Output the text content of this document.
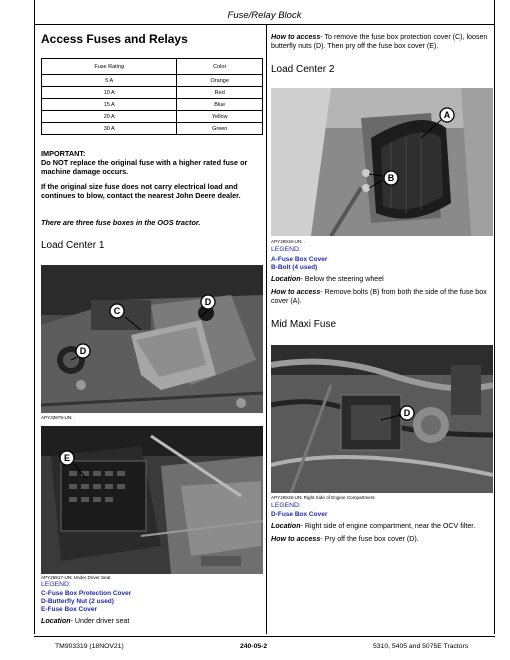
Fuse/Relay Block
Access Fuses and Relays
Fuse Rating	Color
5 A	Orange
10 A	Red
15 A	Blue
20 A	Yellow
30 A	Green

IMPORTANT:
Do NOT replace the original fuse with a higher rated fuse or machine damage occurs.

If the original size fuse does not carry electrical load and continues to blow, contact the nearest John Deere dealer.

There are three fuse boxes in the OOS tractor.
Load Center 1
C
D
D
APY33979-UN: .
E
APY26917-UN: Under Driver Seat
LEGEND:
C-Fuse Box Protection Cover
D-Butterfly Nut (2 used)
E-Fuse Box Cover
Location- Under driver seat
How to access- To remove the fuse box protection cover (C), loosen butterfly nuts (D). Then pry off the fuse box cover (E).
Load Center 2
A
B
APY26918-UN: .
LEGEND:
A-Fuse Box Cover
B-Bolt (4 used)
Location- Below the steering wheel
How to access- Remove bolts (B) from both the side of the fuse box cover (A).
Mid Maxi Fuse
D
APY26919-UN: Right Side of Engine Compartment
LEGEND:
D-Fuse Box Cover
Location- Right side of engine compartment, near the OCV filter.
How to access- Pry off the fuse box cover (D).
TM903319 (18NOV21)	240-05-2	5310, 5405 and 5075E Tractors
